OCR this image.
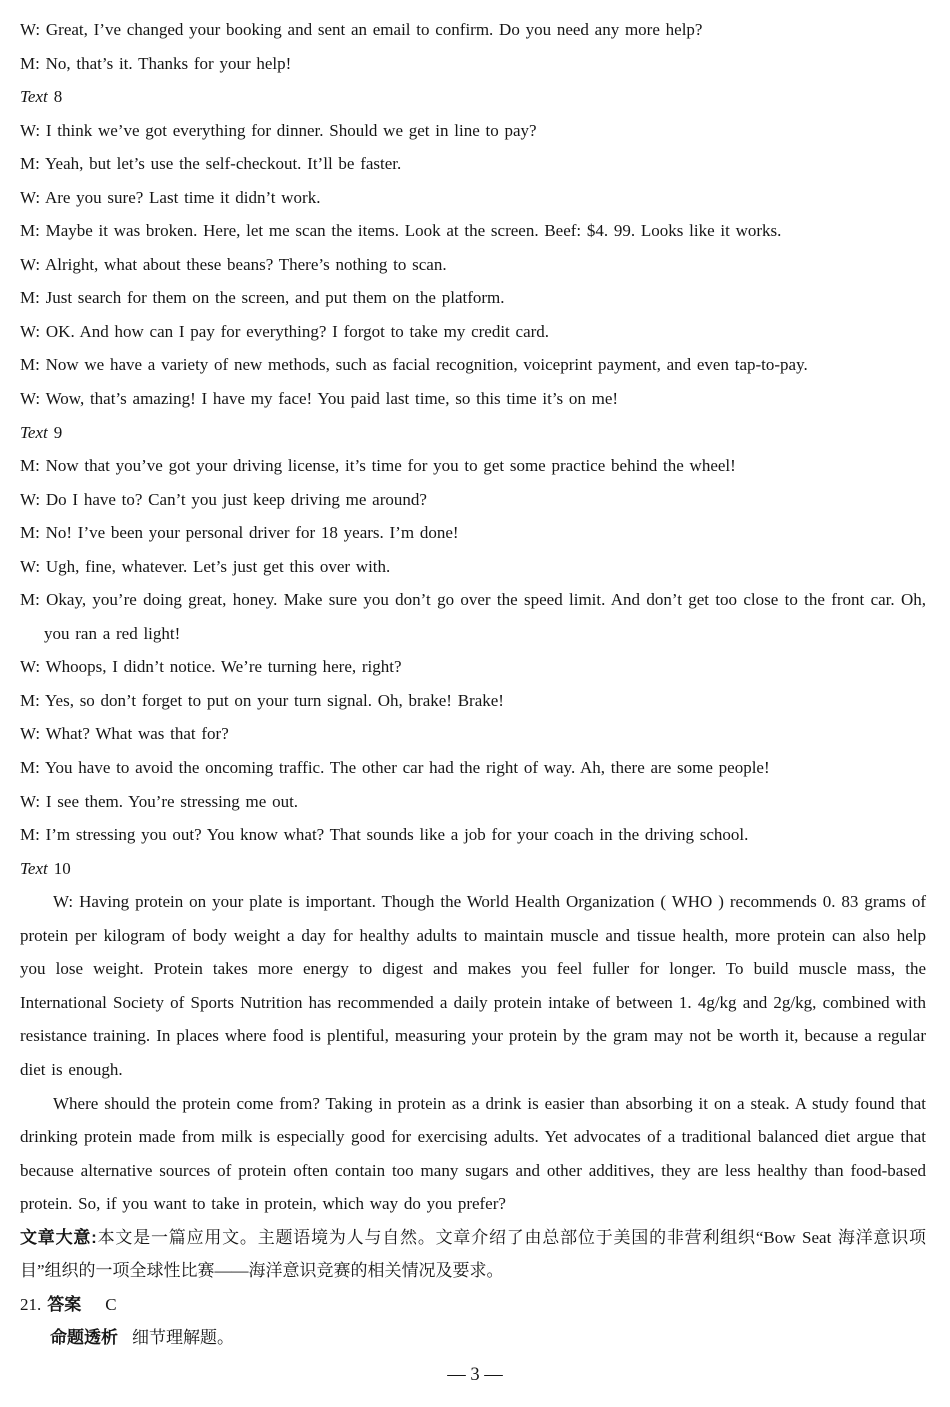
W: Great, I’ve changed your booking and sent an email to confirm. Do you need any more help?

M: No, that’s it. Thanks for your help!

Text 8

W: I think we’ve got everything for dinner. Should we get in line to pay?

M: Yeah, but let’s use the self-checkout. It’ll be faster.

W: Are you sure? Last time it didn’t work.

M: Maybe it was broken. Here, let me scan the items. Look at the screen. Beef: $4. 99. Looks like it works.

W: Alright, what about these beans? There’s nothing to scan.

M: Just search for them on the screen, and put them on the platform.

W: OK. And how can I pay for everything? I forgot to take my credit card.

M: Now we have a variety of new methods, such as facial recognition, voiceprint payment, and even tap-to-pay.

W: Wow, that’s amazing! I have my face! You paid last time, so this time it’s on me!

Text 9

M: Now that you’ve got your driving license, it’s time for you to get some practice behind the wheel!

W: Do I have to? Can’t you just keep driving me around?

M: No! I’ve been your personal driver for 18 years. I’m done!

W: Ugh, fine, whatever. Let’s just get this over with.

M: Okay, you’re doing great, honey. Make sure you don’t go over the speed limit. And don’t get too close to the front car. Oh, you ran a red light!

W: Whoops, I didn’t notice. We’re turning here, right?

M: Yes, so don’t forget to put on your turn signal. Oh, brake! Brake!

W: What? What was that for?

M: You have to avoid the oncoming traffic. The other car had the right of way. Ah, there are some people!

W: I see them. You’re stressing me out.

M: I’m stressing you out? You know what? That sounds like a job for your coach in the driving school.

Text 10

W: Having protein on your plate is important. Though the World Health Organization ( WHO ) recommends 0. 83 grams of protein per kilogram of body weight a day for healthy adults to maintain muscle and tissue health, more protein can also help you lose weight. Protein takes more energy to digest and makes you feel fuller for longer. To build muscle mass, the International Society of Sports Nutrition has recommended a daily protein intake of between 1. 4g/kg and 2g/kg, combined with resistance training. In places where food is plentiful, measuring your protein by the gram may not be worth it, because a regular diet is enough.

Where should the protein come from? Taking in protein as a drink is easier than absorbing it on a steak. A study found that drinking protein made from milk is especially good for exercising adults. Yet advocates of a traditional balanced diet argue that because alternative sources of protein often contain too many sugars and other additives, they are less healthy than food-based protein. So, if you want to take in protein, which way do you prefer?

文章大意:本文是一篇应用文。主题语境为人与自然。文章介绍了由总部位于美国的非营利组织“Bow Seat 海洋意识项目”组织的一项全球性比赛——海洋意识竞赛的相关情况及要求。

21. 答案 C

命题透析 细节理解题。

— 3 —
